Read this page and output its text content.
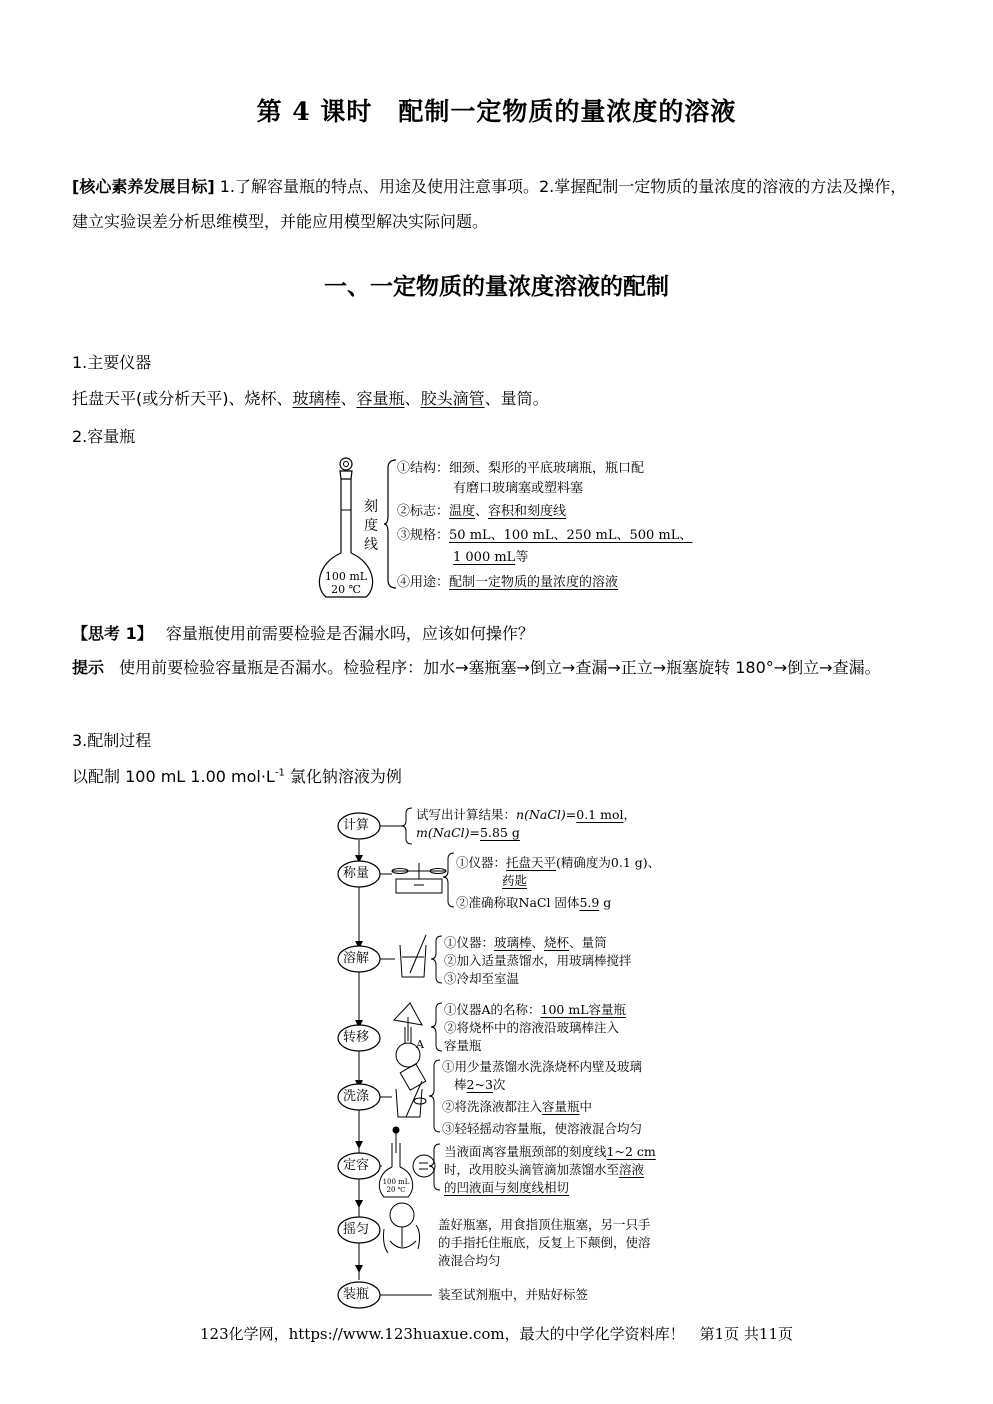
第 4 课时　配制一定物质的量浓度的溶液
[核心素养发展目标] 1.了解容量瓶的特点、用途及使用注意事项。2.掌握配制一定物质的量浓度的溶液的方法及操作，建立实验误差分析思维模型，并能应用模型解决实际问题。
一、一定物质的量浓度溶液的配制
1.主要仪器
托盘天平(或分析天平)、烧杯、玻璃棒、容量瓶、胶头滴管、量筒。
2.容量瓶
100 mL
20 ℃
刻
度
线
①结构：细颈、梨形的平底玻璃瓶，瓶口配
有磨口玻璃塞或塑料塞
②标志：温度、容积和刻度线
③规格：50 mL、100 mL、250 mL、500 mL、
1 000 mL等
④用途：配制一定物质的量浓度的溶液
【思考 1】 容量瓶使用前需要检验是否漏水吗，应该如何操作？
提示 使用前要检验容量瓶是否漏水。检验程序：加水→塞瓶塞→倒立→查漏→正立→瓶塞旋转 180°→倒立→查漏。
3.配制过程
以配制 100 mL 1.00 $mol\cdot L^{-1}$ 氯化钠溶液为例
100 mL
20 ℃
计算
称量
溶解
转移
洗涤
定容
摇匀
装瓶
试写出计算结果：n(NaCl)=0.1 mol，
m(NaCl)=5.85 g
①仪器：托盘天平(精确度为0.1 g)、
药匙
②准确称取NaCl 固体5.9 g
①仪器：玻璃棒、烧杯、量筒
②加入适量蒸馏水，用玻璃棒搅拌
③冷却至室温
A
①仪器A的名称：100 mL容量瓶
②将烧杯中的溶液沿玻璃棒注入
容量瓶
①用少量蒸馏水洗涤烧杯内壁及玻璃
棒2~3次
②将洗涤液都注入容量瓶中
③轻轻摇动容量瓶，使溶液混合均匀
当液面离容量瓶颈部的刻度线1~2 cm
时，改用胶头滴管滴加蒸馏水至溶液
的凹液面与刻度线相切
盖好瓶塞，用食指顶住瓶塞，另一只手
的手指托住瓶底，反复上下颠倒，使溶
液混合均匀
装至试剂瓶中，并贴好标签
123化学网，https://www.123huaxue.com，最大的中学化学资料库！　第1页 共11页
